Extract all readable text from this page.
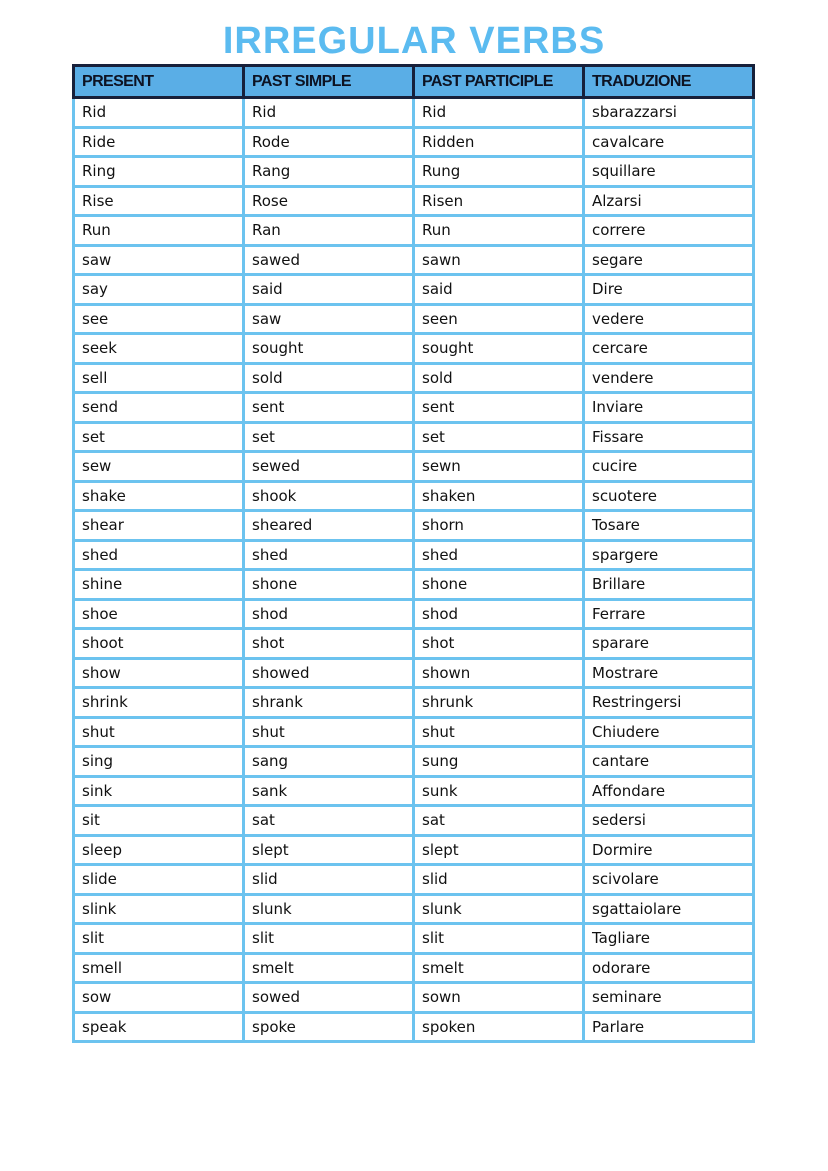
IRREGULAR VERBS
PRESENT	PAST SIMPLE	PAST PARTICIPLE	TRADUZIONE
Rid	Rid	Rid	sbarazzarsi
Ride	Rode	Ridden	cavalcare
Ring	Rang	Rung	squillare
Rise	Rose	Risen	Alzarsi
Run	Ran	Run	correre
saw	sawed	sawn	segare
say	said	said	Dire
see	saw	seen	vedere
seek	sought	sought	cercare
sell	sold	sold	vendere
send	sent	sent	Inviare
set	set	set	Fissare
sew	sewed	sewn	cucire
shake	shook	shaken	scuotere
shear	sheared	shorn	Tosare
shed	shed	shed	spargere
shine	shone	shone	Brillare
shoe	shod	shod	Ferrare
shoot	shot	shot	sparare
show	showed	shown	Mostrare
shrink	shrank	shrunk	Restringersi
shut	shut	shut	Chiudere
sing	sang	sung	cantare
sink	sank	sunk	Affondare
sit	sat	sat	sedersi
sleep	slept	slept	Dormire
slide	slid	slid	scivolare
slink	slunk	slunk	sgattaiolare
slit	slit	slit	Tagliare
smell	smelt	smelt	odorare
sow	sowed	sown	seminare
speak	spoke	spoken	Parlare
